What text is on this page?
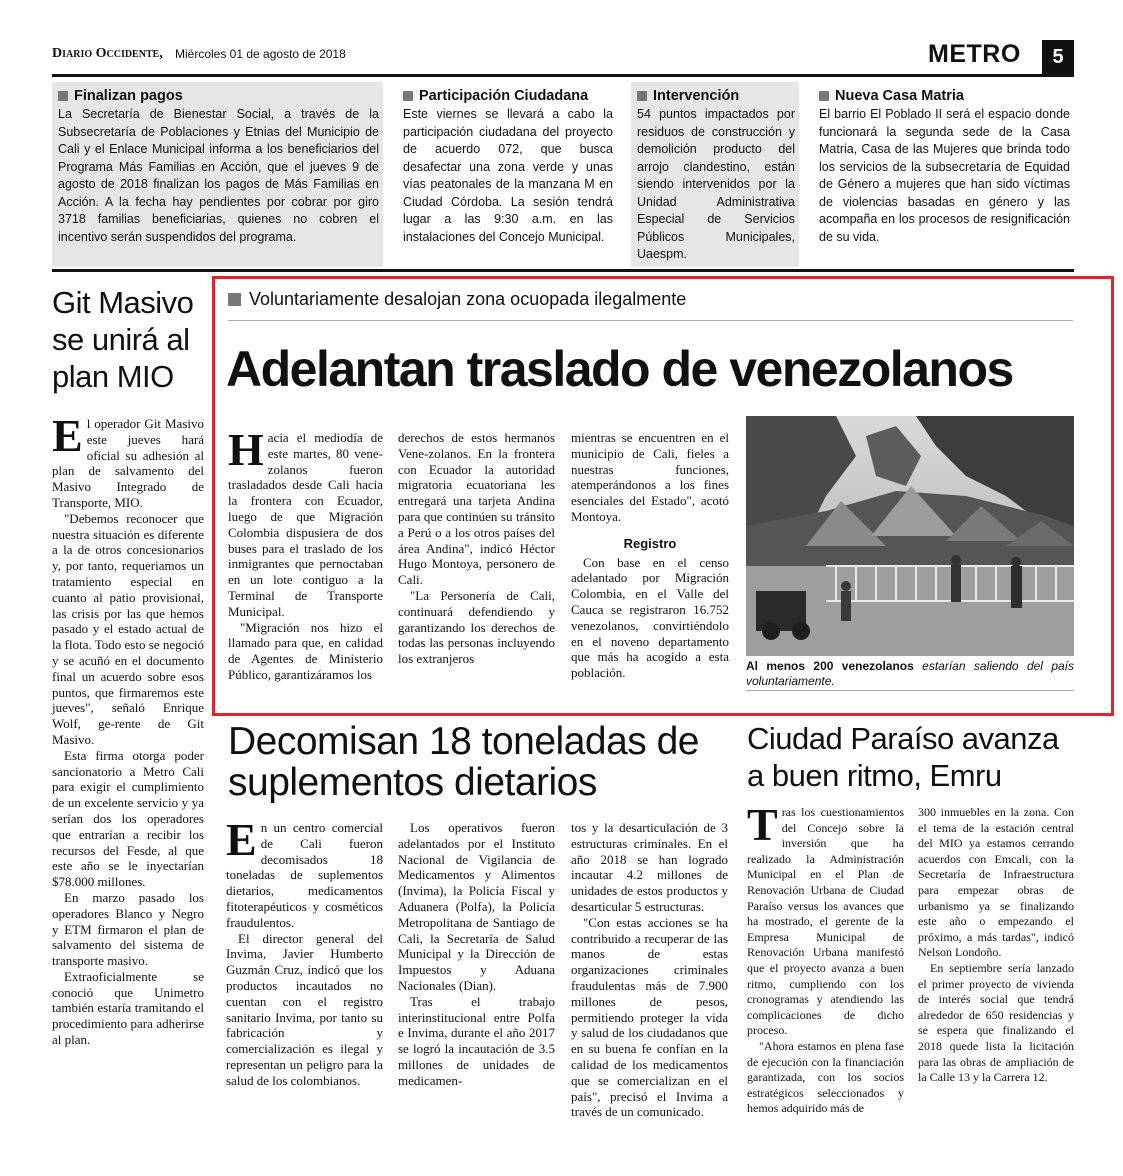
Diario Occidente, Miércoles 01 de agosto de 2018	METRO	5
Finalizan pagos
La Secretaría de Bienestar Social, a través de la Subsecretaría de Poblaciones y Etnias del Municipio de Cali y el Enlace Municipal informa a los beneficiarios del Programa Más Familias en Acción, que el jueves 9 de agosto de 2018 finalizan los pagos de Más Familias en Acción. A la fecha hay pendientes por cobrar por giro 3718 familias beneficiarias, quienes no cobren el incentivo serán suspendidos del programa.
Participación Ciudadana
Este viernes se llevará a cabo la participación ciudadana del proyecto de acuerdo 072, que busca desafectar una zona verde y unas vías peatonales de la manzana M en Ciudad Córdoba. La sesión tendrá lugar a las 9:30 a.m. en las instalaciones del Concejo Municipal.
Intervención
54 puntos impactados por residuos de construcción y demolición producto del arrojo clandestino, están siendo intervenidos por la Unidad Administrativa Especial de Servicios Públicos Municipales, Uaespm.
Nueva Casa Matria
El barrio El Poblado II será el espacio donde funcionará la segunda sede de la Casa Matria, Casa de las Mujeres que brinda todo los servicios de la subsecretaría de Equidad de Género a mujeres que han sido víctimas de violencias basadas en género y las acompaña en los procesos de resignificación de su vida.
Git Masivo se unirá al plan MIO

El operador Git Masivo este jueves hará oficial su adhesión al plan de salvamento del Masivo Integrado de Transporte, MIO.

"Debemos reconocer que nuestra situación es diferente a la de otros concesionarios y, por tanto, requeriamos un tratamiento especial en cuanto al patio provisional, las crisis por las que hemos pasado y el estado actual de la flota. Todo esto se negoció y se acuñó en el documento final un acuerdo sobre esos puntos, que firmaremos este jueves", señaló Enrique Wolf, ge-rente de Git Masivo.

Esta firma otorga poder sancionatorio a Metro Cali para exigir el cumplimiento de un excelente servicio y ya serían dos los operadores que entrarían a recibir los recursos del Fesde, al que este año se le inyectarían $78.000 millones.

En marzo pasado los operadores Blanco y Negro y ETM firmaron el plan de salvamento del sistema de transporte masivo.

Extraoficialmente se conoció que Unimetro también estaría tramitando el procedimiento para adherirse al plan.

Voluntariamente desalojan zona ocuopada ilegalmente
Adelantan traslado de venezolanos

Hacia el mediodía de este martes, 80 vene-zolanos fueron trasladados desde Cali hacia la frontera con Ecuador, luego de que Migración Colombia dispusiera de dos buses para el traslado de los inmigrantes que pernoctaban en un lote contiguo a la Terminal de Transporte Municipal.

"Migración nos hizo el llamado para que, en calidad de Agentes de Ministerio Público, garantizáramos los

derechos de estos hermanos Vene-zolanos. En la frontera con Ecuador la autoridad migratoria ecuatoriana les entregará una tarjeta Andina para que continúen su tránsito a Perú o a los otros países del área Andina", indicó Héctor Hugo Montoya, personero de Cali.

"La Personería de Cali, continuará defendiendo y garantizando los derechos de todas las personas incluyendo los extranjeros

mientras se encuentren en el municipio de Cali, fieles a nuestras funciones, atemperándonos a los fines esenciales del Estado", acotó Montoya.

Registro

Con base en el censo adelantado por Migración Colombia, en el Valle del Cauca se registraron 16.752 venezolanos, convirtiéndolo en el noveno departamento que más ha acogido a esta población.	Al menos 200 venezolanos estarían saliendo del país voluntariamente.
Decomisan 18 toneladas de suplementos dietarios

En un centro comercial de Cali fueron decomisados 18 toneladas de suplementos dietarios, medicamentos fitoterapéuticos y cosméticos fraudulentos.

El director general del Invima, Javier Humberto Guzmán Cruz, indicó que los productos incautados no cuentan con el registro sanitario Invima, por tanto su fabricación y comercialización es ilegal y representan un peligro para la salud de los colombianos.

Los operativos fueron adelantados por el Instituto Nacional de Vigilancia de Medicamentos y Alimentos (Invima), la Policía Fiscal y Aduanera (Polfa), la Policía Metropolitana de Santiago de Cali, la Secretaría de Salud Municipal y la Dirección de Impuestos y Aduana Nacionales (Dian).

Tras el trabajo interinstitucional entre Polfa e Invima, durante el año 2017 se logró la incautación de 3.5 millones de unidades de medicamen-

tos y la desarticulación de 3 estructuras criminales. En el año 2018 se han logrado incautar 4.2 millones de unidades de estos productos y desarticular 5 estructuras.

"Con estas acciones se ha contribuido a recuperar de las manos de estas organizaciones criminales fraudulentas más de 7.900 millones de pesos, permitiendo proteger la vida y salud de los ciudadanos que en su buena fe confían en la calidad de los medicamentos que se comercializan en el país", precisó el Invima a través de un comunicado.

Ciudad Paraíso avanza a buen ritmo, Emru

Tras los cuestionamientos del Concejo sobre la inversión que ha realizado la Administración Municipal en el Plan de Renovación Urbana de Ciudad Paraíso versus los avances que ha mostrado, el gerente de la Empresa Municipal de Renovación Urbana manifestó que el proyecto avanza a buen ritmo, cumpliendo con los cronogramas y atendiendo las complicaciones de dicho proceso.

"Ahora estamos en plena fase de ejecución con la financiación garantizada, con los socios estratégicos seleccionados y hemos adquirido más de

300 inmuebles en la zona. Con el tema de la estación central del MIO ya estamos cerrando acuerdos con Emcali, con la Secretaría de Infraestructura para empezar obras de urbanismo ya se finalizando este año o empezando el próximo, a más tardas", indicó Nelson Londoño.

En septiembre sería lanzado el primer proyecto de vivienda de interés social que tendrá alrededor de 650 residencias y se espera que finalizando el 2018 quede lista la licitación para las obras de ampliación de la Calle 13 y la Carrera 12.
